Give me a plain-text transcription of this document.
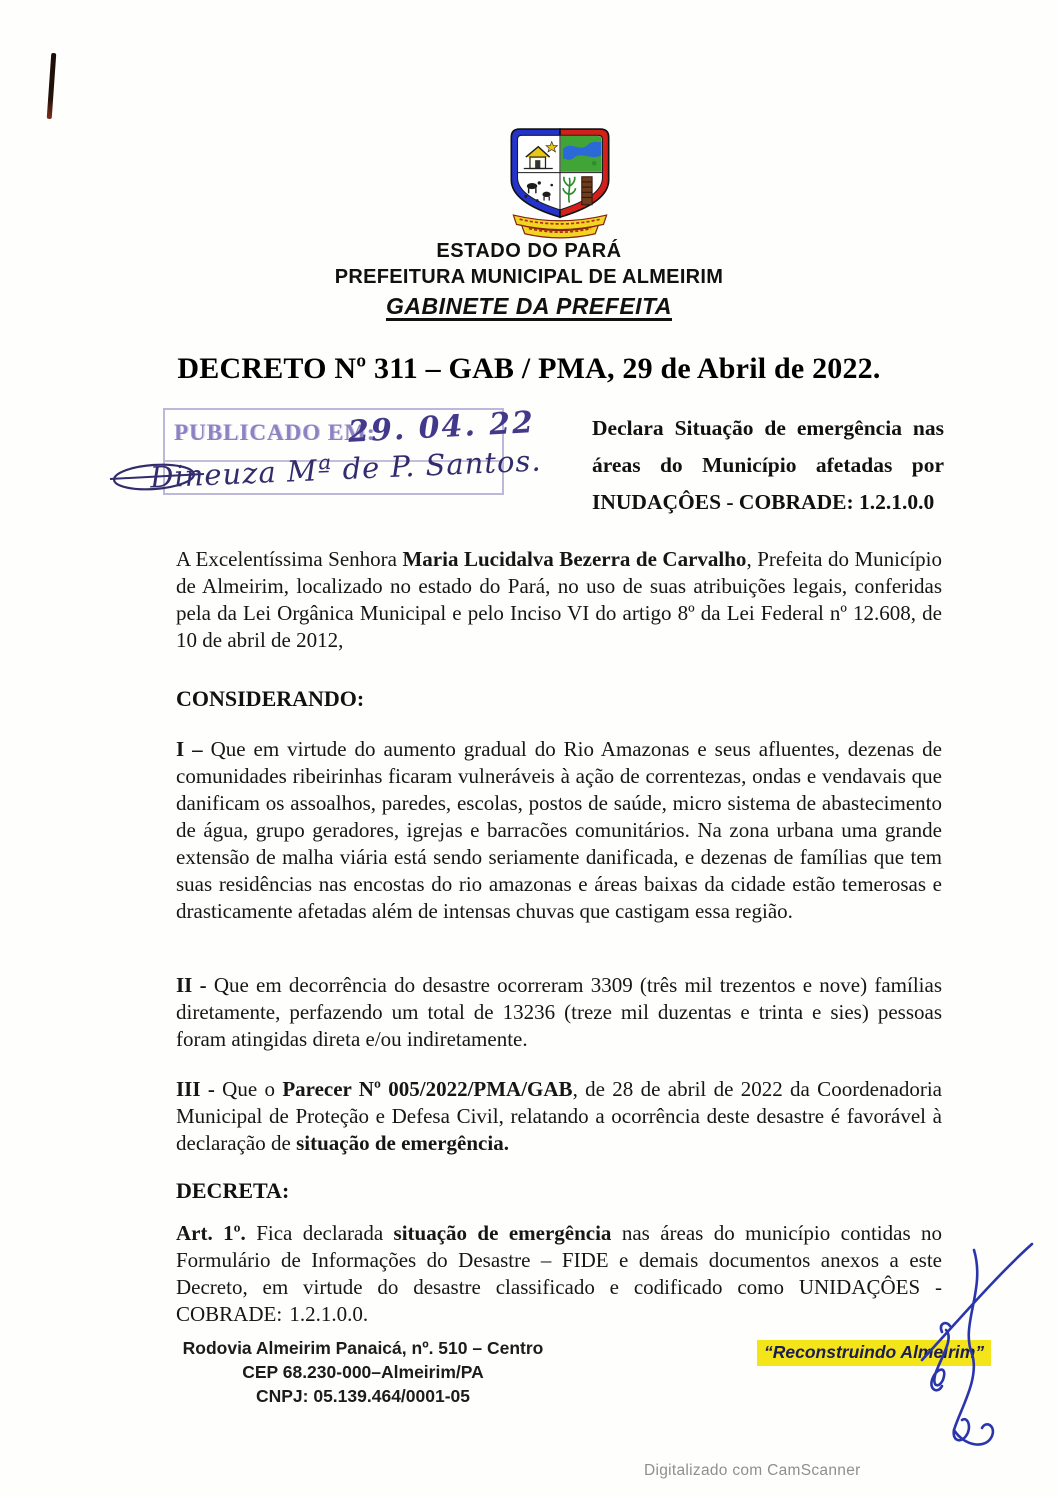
ESTADO DO PARÁ
PREFEITURA MUNICIPAL DE ALMEIRIM
GABINETE DA PREFEITA
DECRETO Nº 311 – GAB / PMA, 29 de Abril de 2022.
PUBLICADO EM:
29. 04. 22
Dineuza Mª de P. Santos.
Declara Situação de emergência nas áreas do Município afetadas por INUDAÇÔES - COBRADE: 1.2.1.0.0
A Excelentíssima Senhora Maria Lucidalva Bezerra de Carvalho, Prefeita do Município de Almeirim, localizado no estado do Pará, no uso de suas atribuições legais, conferidas pela da Lei Orgânica Municipal e pelo Inciso VI do artigo 8º da Lei Federal nº 12.608, de 10 de abril de 2012,
CONSIDERANDO:
I – Que em virtude do aumento gradual do Rio Amazonas e seus afluentes, dezenas de comunidades ribeirinhas ficaram vulneráveis à ação de correntezas, ondas e vendavais que danificam os assoalhos, paredes, escolas, postos de saúde, micro sistema de abastecimento de água, grupo geradores, igrejas e barracões comunitários. Na zona urbana uma grande extensão de malha viária está sendo seriamente danificada, e dezenas de famílias que tem suas residências nas encostas do rio amazonas e áreas baixas da cidade estão temerosas e drasticamente afetadas além de intensas chuvas que castigam essa região.
II - Que em decorrência do desastre ocorreram 3309 (três mil trezentos e nove) famílias diretamente, perfazendo um total de 13236 (treze mil duzentas e trinta e sies) pessoas foram atingidas direta e/ou indiretamente.
III - Que o Parecer Nº 005/2022/PMA/GAB, de 28 de abril de 2022 da Coordenadoria Municipal de Proteção e Defesa Civil, relatando a ocorrência deste desastre é favorável à declaração de situação de emergência.
DECRETA:
Art. 1º. Fica declarada situação de emergência nas áreas do município contidas no Formulário de Informações do Desastre – FIDE e demais documentos anexos a este Decreto, em virtude do desastre classificado e codificado como UNIDAÇÔES - COBRADE: 1.2.1.0.0.
Rodovia Almeirim Panaicá, nº. 510 – Centro
CEP 68.230-000–Almeirim/PA
CNPJ: 05.139.464/0001-05
“Reconstruindo Almeirim”
Digitalizado com CamScanner
